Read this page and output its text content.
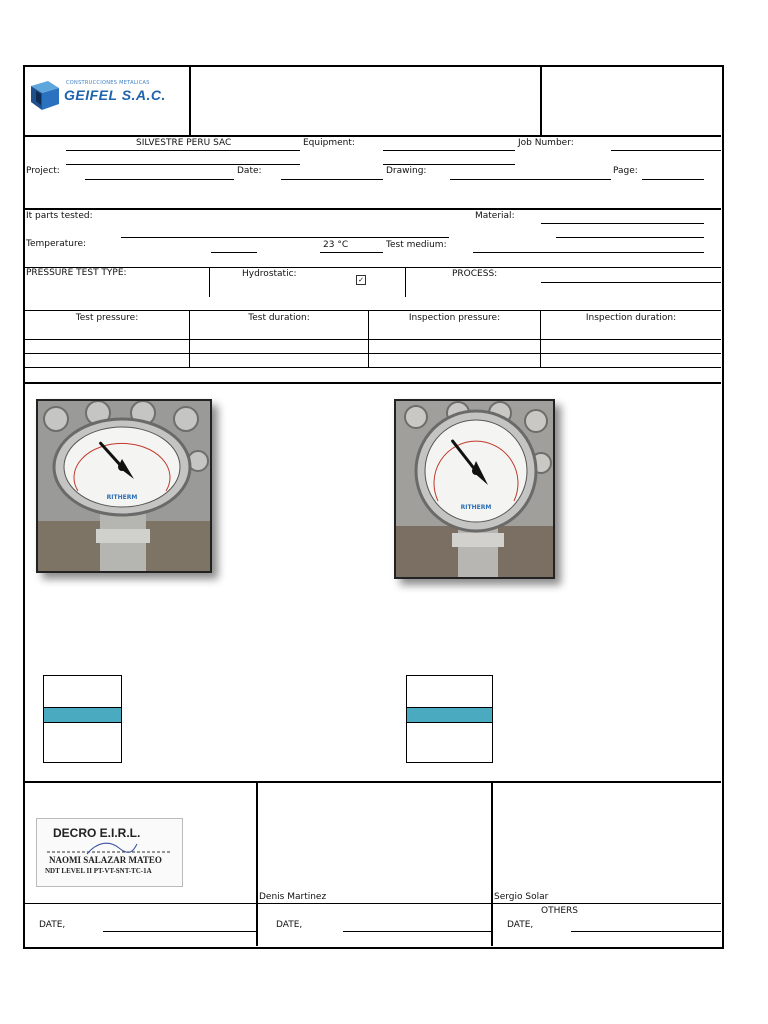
CONSTRUCCIONES METALICAS
GEIFEL S.A.C.
SILVESTRE PERU SAC	Equipment:	Job Number:
Project:	Date:	Drawing:	Page:
It parts tested:	Material:
Temperature:	23 °C	Test medium:
PRESSURE TEST TYPE:	Hydrostatic:
✓
PROCESS:
Test pressure:	Test duration:	Inspection pressure:	Inspection duration:
RITHERM
RITHERM
DECRO E.I.R.L.
NAOMI SALAZAR MATEO
NDT LEVEL II PT-VT-SNT-TC-1A
Denis Martinez	Sergio Solar
OTHERS
DATE,	DATE,	DATE,
